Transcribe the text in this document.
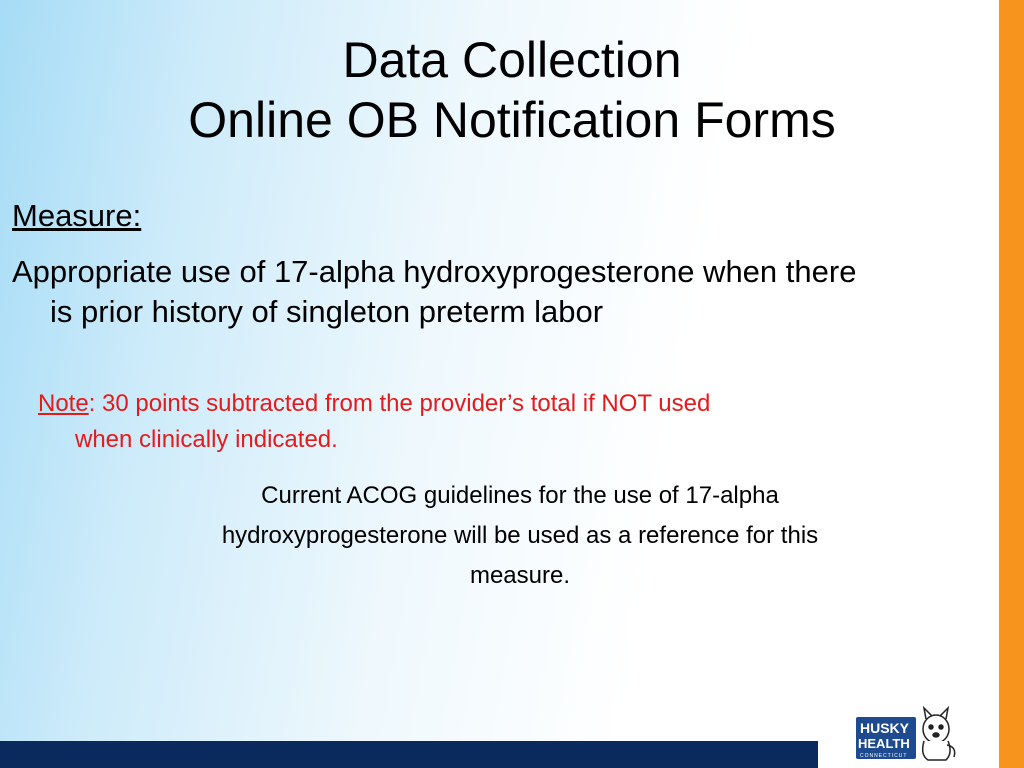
Data Collection
Online OB Notification Forms
Measure:
Appropriate use of 17-alpha hydroxyprogesterone when there
is prior history of singleton preterm labor
Note: 30 points subtracted from the provider’s total if NOT used
when clinically indicated.
Current ACOG guidelines for the use of 17-alpha
hydroxyprogesterone will be used as a reference for this
measure.
HUSKY
HEALTH
CONNECTICUT
